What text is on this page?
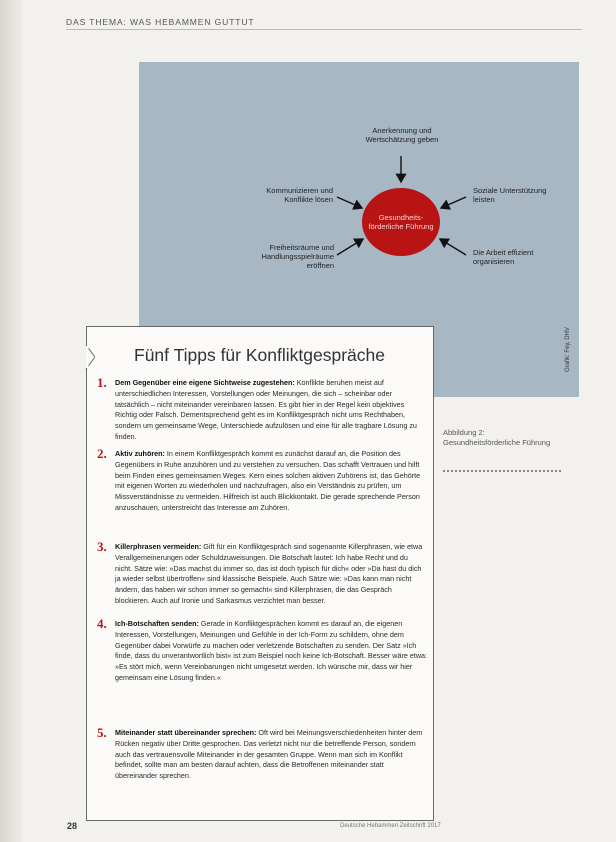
DAS THEMA: WAS HEBAMMEN GUTTUT
Anerkennung und Wertschätzung geben
Kommunizieren und Konflikte lösen
Soziale Unterstützung leisten
Freiheitsräume und Handlungsspielräume eröffnen
Die Arbeit effizient organisieren
Gesundheits-förderliche Führung
Grafik: Fey, DHV
Abbildung 2: Gesundheitsförderliche Führung
Fünf Tipps für Konfliktgespräche
1. Dem Gegenüber eine eigene Sichtweise zugestehen: Konflikte beruhen meist auf unterschiedlichen Interessen, Vorstellungen oder Meinungen, die sich – scheinbar oder tatsächlich – nicht miteinander vereinbaren lassen. Es gibt hier in der Regel kein objektives Richtig oder Falsch. Dementsprechend geht es im Konfliktgespräch nicht ums Rechthaben, sondern um gemeinsame Wege, Unterschiede aufzulösen und eine für alle tragbare Lösung zu finden.
2. Aktiv zuhören: In einem Konfliktgespräch kommt es zunächst darauf an, die Position des Gegenübers in Ruhe anzuhören und zu verstehen zu versuchen. Das schafft Vertrauen und hilft beim Finden eines gemeinsamen Weges. Kern eines solchen aktiven Zuhörens ist, das Gehörte mit eigenen Worten zu wiederholen und nachzufragen, also ein Verständnis zu prüfen, um Missverständnisse zu vermeiden. Hilfreich ist auch Blickkontakt. Die gerade sprechende Person anzuschauen, unterstreicht das Interesse am Zuhören.
3. Killerphrasen vermeiden: Gift für ein Konfliktgespräch sind sogenannte Killerphrasen, wie etwa Verallgemeinerungen oder Schuldzuweisungen. Die Botschaft lautet: Ich habe Recht und du nicht. Sätze wie: »Das machst du immer so, das ist doch typisch für dich« oder »Da hast du dich ja wieder selbst übertroffen« sind klassische Beispiele. Auch Sätze wie: »Das kann man nicht ändern, das haben wir schon immer so gemacht« sind Killerphrasen, die das Gespräch blockieren. Auch auf Ironie und Sarkasmus verzichtet man besser.
4. Ich-Botschaften senden: Gerade in Konfliktgesprächen kommt es darauf an, die eigenen Interessen, Vorstellungen, Meinungen und Gefühle in der Ich-Form zu schildern, ohne dem Gegenüber dabei Vorwürfe zu machen oder verletzende Botschaften zu senden. Der Satz »Ich finde, dass du unverantwortlich bist« ist zum Beispiel noch keine Ich-Botschaft. Besser wäre etwa: »Es stört mich, wenn Vereinbarungen nicht umgesetzt werden. Ich wünsche mir, dass wir hier gemeinsam eine Lösung finden.«
5. Miteinander statt übereinander sprechen: Oft wird bei Meinungsverschiedenheiten hinter dem Rücken negativ über Dritte gesprochen. Das verletzt nicht nur die betreffende Person, sondern auch das vertrauensvolle Miteinander in der gesamten Gruppe. Wenn man sich im Konflikt befindet, sollte man am besten darauf achten, dass die Betroffenen miteinander statt übereinander sprechen.
28	Deutsche Hebammen Zeitschrift 2017
